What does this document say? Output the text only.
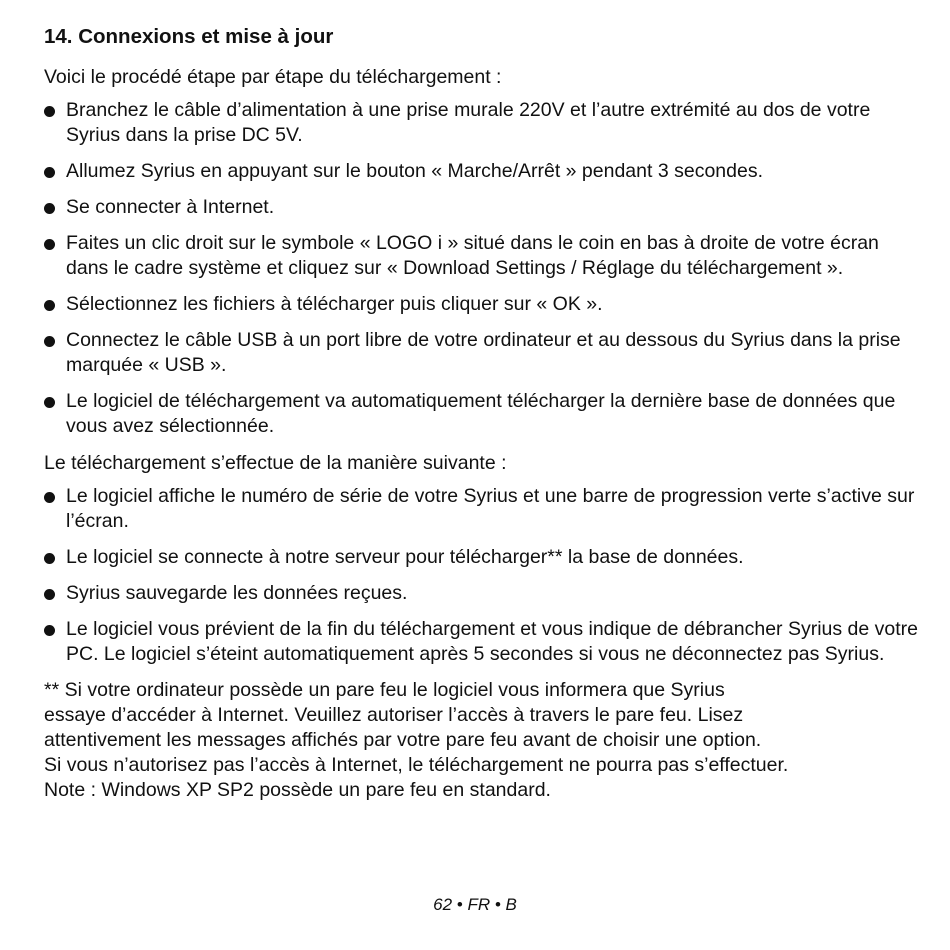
14. Connexions et mise à jour

Voici le procédé étape par étape du téléchargement :

Branchez le câble d’alimentation à une prise murale 220V et l’autre extrémité au dos de votre Syrius dans la prise DC 5V.
Allumez Syrius en appuyant sur le bouton « Marche/Arrêt » pendant 3 secondes.
Se connecter à Internet.
Faites un clic droit sur le symbole « LOGO i » situé dans le coin en bas à droite de votre écran dans le cadre système et cliquez sur « Download Settings / Réglage du téléchargement ».
Sélectionnez les fichiers à télécharger puis cliquer sur « OK ».
Connectez le câble USB à un port libre de votre ordinateur et au dessous du Syrius dans la prise marquée « USB ».
Le logiciel de téléchargement va automatiquement télécharger la dernière base de données que vous avez sélectionnée.

Le téléchargement s’effectue de la manière suivante :

Le logiciel affiche le numéro de série de votre Syrius et une barre de progression verte s’active sur l’écran.
Le logiciel se connecte à notre serveur pour télécharger** la base de données.
Syrius sauvegarde les données reçues.
Le logiciel vous prévient de la fin du téléchargement et vous indique de débrancher Syrius de votre PC. Le logiciel s’éteint automatiquement après 5 secondes si vous ne déconnectez pas Syrius.

** Si votre ordinateur possède un pare feu le logiciel vous informera que Syrius
essaye d’accéder à Internet. Veuillez autoriser l’accès à travers le pare feu. Lisez
attentivement les messages affichés par votre pare feu avant de choisir une option.
Si vous n’autorisez pas l’accès à Internet, le téléchargement ne pourra pas s’effectuer.
Note : Windows XP SP2 possède un pare feu en standard.

62 • FR • B
